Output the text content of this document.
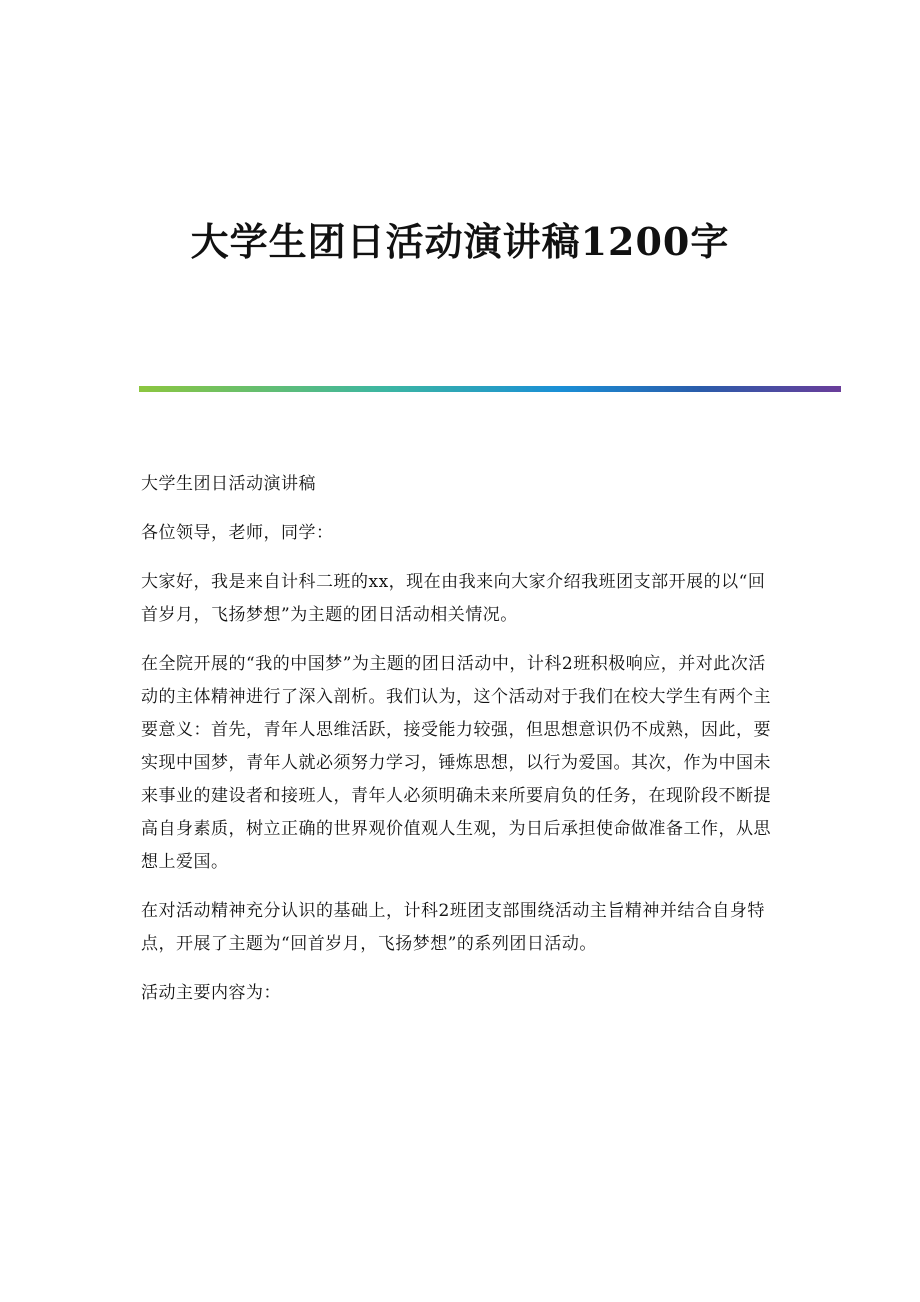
大学生团日活动演讲稿1200字

大学生团日活动演讲稿

各位领导，老师，同学：

大家好，我是来自计科二班的xx，现在由我来向大家介绍我班团支部开展的以“回首岁月，飞扬梦想”为主题的团日活动相关情况。

在全院开展的“我的中国梦”为主题的团日活动中，计科2班积极响应，并对此次活动的主体精神进行了深入剖析。我们认为，这个活动对于我们在校大学生有两个主要意义：首先，青年人思维活跃，接受能力较强，但思想意识仍不成熟，因此，要实现中国梦，青年人就必须努力学习，锤炼思想，以行为爱国。其次，作为中国未来事业的建设者和接班人，青年人必须明确未来所要肩负的任务，在现阶段不断提高自身素质，树立正确的世界观价值观人生观，为日后承担使命做准备工作，从思想上爱国。

在对活动精神充分认识的基础上，计科2班团支部围绕活动主旨精神并结合自身特点，开展了主题为“回首岁月，飞扬梦想”的系列团日活动。

活动主要内容为：
